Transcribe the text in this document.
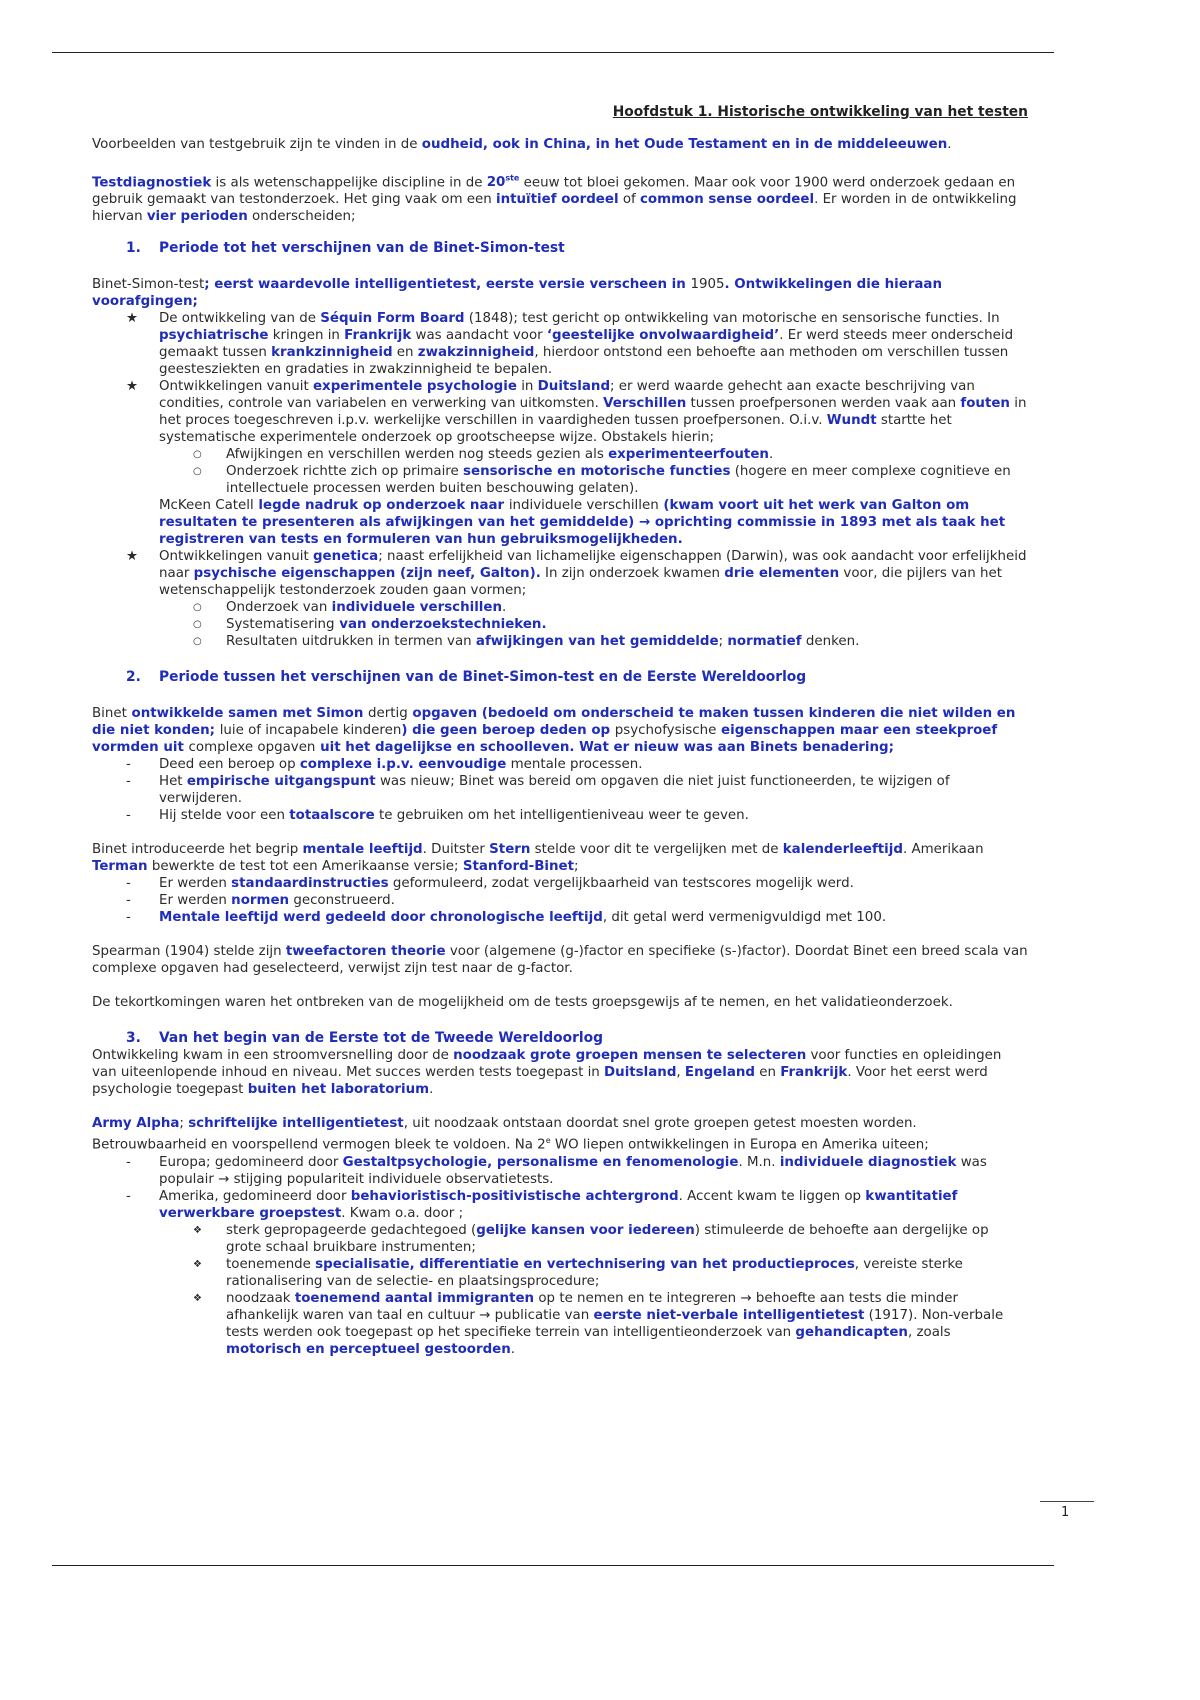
Hoofdstuk 1. Historische ontwikkeling van het testen

Voorbeelden van testgebruik zijn te vinden in de oudheid, ook in China, in het Oude Testament en in de middeleeuwen.

Testdiagnostiek is als wetenschappelijke discipline in de 20ste eeuw tot bloei gekomen. Maar ook voor 1900 werd onderzoek gedaan en gebruik gemaakt van testonderzoek. Het ging vaak om een intuïtief oordeel of common sense oordeel. Er worden in de ontwikkeling hiervan vier perioden onderscheiden;

1. Periode tot het verschijnen van de Binet-Simon-test

Binet-Simon-test; eerst waardevolle intelligentietest, eerste versie verscheen in 1905. Ontwikkelingen die hieraan voorafgingen;

★ De ontwikkeling van de Séquin Form Board (1848); test gericht op ontwikkeling van motorische en sensorische functies. In psychiatrische kringen in Frankrijk was aandacht voor ‘geestelijke onvolwaardigheid’. Er werd steeds meer onderscheid gemaakt tussen krankzinnigheid en zwakzinnigheid, hierdoor ontstond een behoefte aan methoden om verschillen tussen geestesziekten en gradaties in zwakzinnigheid te bepalen.
★ Ontwikkelingen vanuit experimentele psychologie in Duitsland; er werd waarde gehecht aan exacte beschrijving van condities, controle van variabelen en verwerking van uitkomsten. Verschillen tussen proefpersonen werden vaak aan fouten in het proces toegeschreven i.p.v. werkelijke verschillen in vaardigheden tussen proefpersonen. O.i.v. Wundt startte het systematische experimentele onderzoek op grootscheepse wijze. Obstakels hierin;
○ Afwijkingen en verschillen werden nog steeds gezien als experimenteerfouten.
○ Onderzoek richtte zich op primaire sensorische en motorische functies (hogere en meer complexe cognitieve en intellectuele processen werden buiten beschouwing gelaten).
McKeen Catell legde nadruk op onderzoek naar individuele verschillen (kwam voort uit het werk van Galton om resultaten te presenteren als afwijkingen van het gemiddelde) → oprichting commissie in 1893 met als taak het registreren van tests en formuleren van hun gebruiksmogelijkheden.
★ Ontwikkelingen vanuit genetica; naast erfelijkheid van lichamelijke eigenschappen (Darwin), was ook aandacht voor erfelijkheid naar psychische eigenschappen (zijn neef, Galton). In zijn onderzoek kwamen drie elementen voor, die pijlers van het wetenschappelijk testonderzoek zouden gaan vormen;
○ Onderzoek van individuele verschillen.
○ Systematisering van onderzoekstechnieken.
○ Resultaten uitdrukken in termen van afwijkingen van het gemiddelde; normatief denken.

2. Periode tussen het verschijnen van de Binet-Simon-test en de Eerste Wereldoorlog

Binet ontwikkelde samen met Simon dertig opgaven (bedoeld om onderscheid te maken tussen kinderen die niet wilden en die niet konden; luie of incapabele kinderen) die geen beroep deden op psychofysische eigenschappen maar een steekproef vormden uit complexe opgaven uit het dagelijkse en schoolleven. Wat er nieuw was aan Binets benadering;

- Deed een beroep op complexe i.p.v. eenvoudige mentale processen.
- Het empirische uitgangspunt was nieuw; Binet was bereid om opgaven die niet juist functioneerden, te wijzigen of verwijderen.
- Hij stelde voor een totaalscore te gebruiken om het intelligentieniveau weer te geven.

Binet introduceerde het begrip mentale leeftijd. Duitster Stern stelde voor dit te vergelijken met de kalenderleeftijd. Amerikaan Terman bewerkte de test tot een Amerikaanse versie; Stanford-Binet;

- Er werden standaardinstructies geformuleerd, zodat vergelijkbaarheid van testscores mogelijk werd.
- Er werden normen geconstrueerd.
- Mentale leeftijd werd gedeeld door chronologische leeftijd, dit getal werd vermenigvuldigd met 100.

Spearman (1904) stelde zijn tweefactoren theorie voor (algemene (g-)factor en specifieke (s-)factor). Doordat Binet een breed scala van complexe opgaven had geselecteerd, verwijst zijn test naar de g-factor.

De tekortkomingen waren het ontbreken van de mogelijkheid om de tests groepsgewijs af te nemen, en het validatieonderzoek.

3. Van het begin van de Eerste tot de Tweede Wereldoorlog

Ontwikkeling kwam in een stroomversnelling door de noodzaak grote groepen mensen te selecteren voor functies en opleidingen van uiteenlopende inhoud en niveau. Met succes werden tests toegepast in Duitsland, Engeland en Frankrijk. Voor het eerst werd psychologie toegepast buiten het laboratorium.

Army Alpha; schriftelijke intelligentietest, uit noodzaak ontstaan doordat snel grote groepen getest moesten worden. Betrouwbaarheid en voorspellend vermogen bleek te voldoen. Na 2e WO liepen ontwikkelingen in Europa en Amerika uiteen;

- Europa; gedomineerd door Gestaltpsychologie, personalisme en fenomenologie. M.n. individuele diagnostiek was populair → stijging populariteit individuele observatietests.
- Amerika, gedomineerd door behavioristisch-positivistische achtergrond. Accent kwam te liggen op kwantitatief verwerkbare groepstest. Kwam o.a. door ;
❖ sterk gepropageerde gedachtegoed (gelijke kansen voor iedereen) stimuleerde de behoefte aan dergelijke op grote schaal bruikbare instrumenten;
❖ toenemende specialisatie, differentiatie en vertechnisering van het productieproces, vereiste sterke rationalisering van de selectie- en plaatsingsprocedure;
❖ noodzaak toenemend aantal immigranten op te nemen en te integreren → behoefte aan tests die minder afhankelijk waren van taal en cultuur → publicatie van eerste niet-verbale intelligentietest (1917). Non-verbale tests werden ook toegepast op het specifieke terrein van intelligentieonderzoek van gehandicapten, zoals motorisch en perceptueel gestoorden.
1
